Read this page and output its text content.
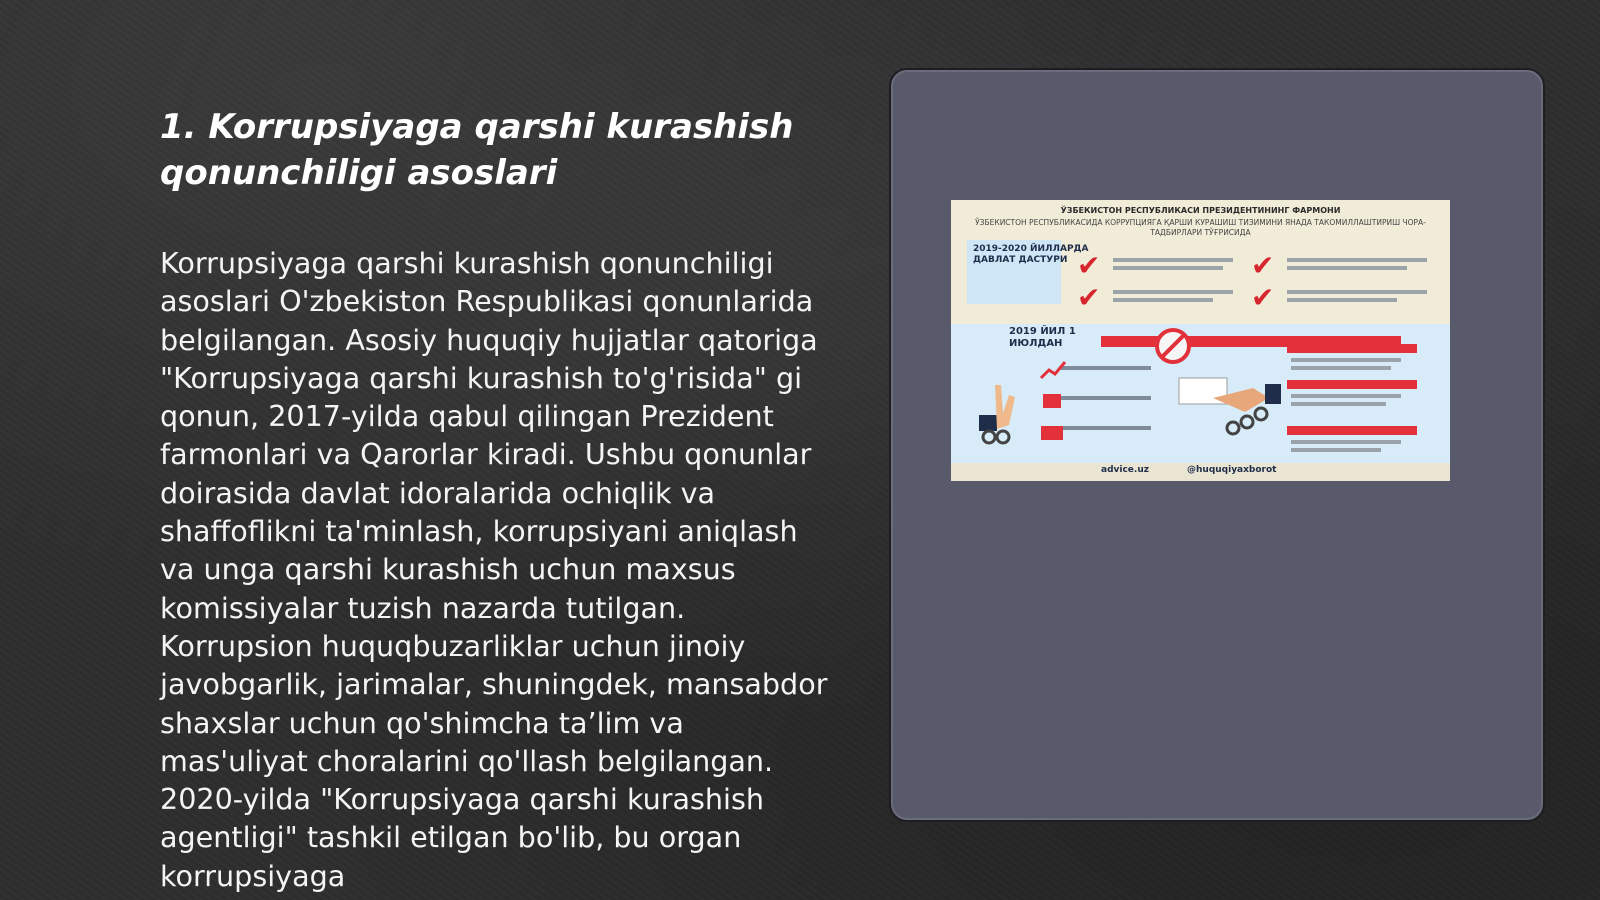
1. Korrupsiyaga qarshi kurashish qonunchiligi asoslari

Korrupsiyaga qarshi kurashish qonunchiligi asoslari O'zbekiston Respublikasi qonunlarida belgilangan. Asosiy huquqiy hujjatlar qatoriga "Korrupsiyaga qarshi kurashish to'g'risida" gi qonun, 2017-yilda qabul qilingan Prezident farmonlari va Qarorlar kiradi. Ushbu qonunlar doirasida davlat idoralarida ochiqlik va shaffoflikni ta'minlash, korrupsiyani aniqlash va unga qarshi kurashish uchun maxsus komissiyalar tuzish nazarda tutilgan. Korrupsion huquqbuzarliklar uchun jinoiy javobgarlik, jarimalar, shuningdek, mansabdor shaxslar uchun qo'shimcha ta’lim va mas'uliyat choralarini qo'llash belgilangan. 2020-yilda "Korrupsiyaga qarshi kurashish agentligi" tashkil etilgan bo'lib, bu organ korrupsiyaga

ЎЗБЕКИСТОН РЕСПУБЛИКАСИ ПРЕЗИДЕНТИНИНГ ФАРМОНИ
ЎЗБЕКИСТОН РЕСПУБЛИКАСИДА КОРРУПЦИЯГА ҚАРШИ КУРАШИШ ТИЗИМИНИ ЯНАДА ТАКОМИЛЛАШТИРИШ ЧОРА-ТАДБИРЛАРИ ТЎҒРИСИДА
2019-2020 ЙИЛЛАРДА
ДАВЛАТ ДАСТУРИ ✔	✔
✔	✔
2019 ЙИЛ 1 ИЮЛДАН
advice.uz	@huquqiyaxborot
